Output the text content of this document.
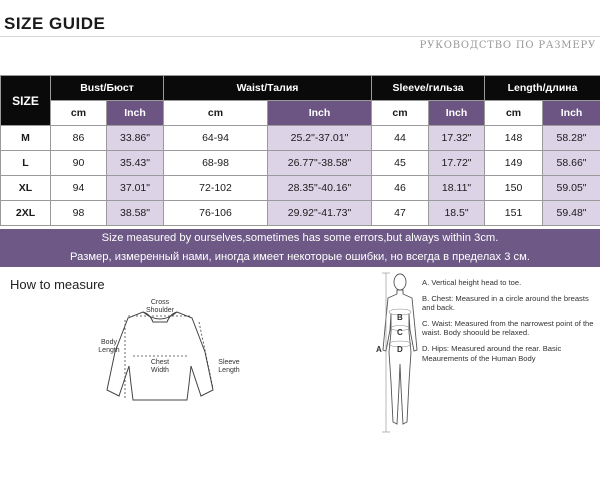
SIZE GUIDE
РУКОВОДСТВО ПО РАЗМЕРУ
SIZE	Bust/Бюст		Waist/Талия		Sleeve/гильза		Length/длина	
	cm	Inch	cm	Inch	cm	Inch	cm	Inch
M	86	33.86"	64-94	25.2"-37.01"	44	17.32"	148	58.28"
L	90	35.43"	68-98	26.77"-38.58"	45	17.72"	149	58.66"
XL	94	37.01"	72-102	28.35"-40.16"	46	18.11"	150	59.05"
2XL	98	38.58"	76-106	29.92"-41.73"	47	18.5"	151	59.48"
Size measured by ourselves,sometimes has some errors,but always within 3cm.
Размер, измеренный нами, иногда имеет некоторые ошибки, но всегда в пределах 3 см.
How to measure
Cross
Shoulder
Body
Length
Chest
Width
Sleeve
Length
A
B
C
D
A. Vertical height head to toe.
B. Chest: Measured in a circle around the breasts and back.
C. Waist: Measured from the narrowest point of the waist. Body shoould be relaxed.
D. Hips: Measured around the rear. Basic Meaurements of the Human Body
